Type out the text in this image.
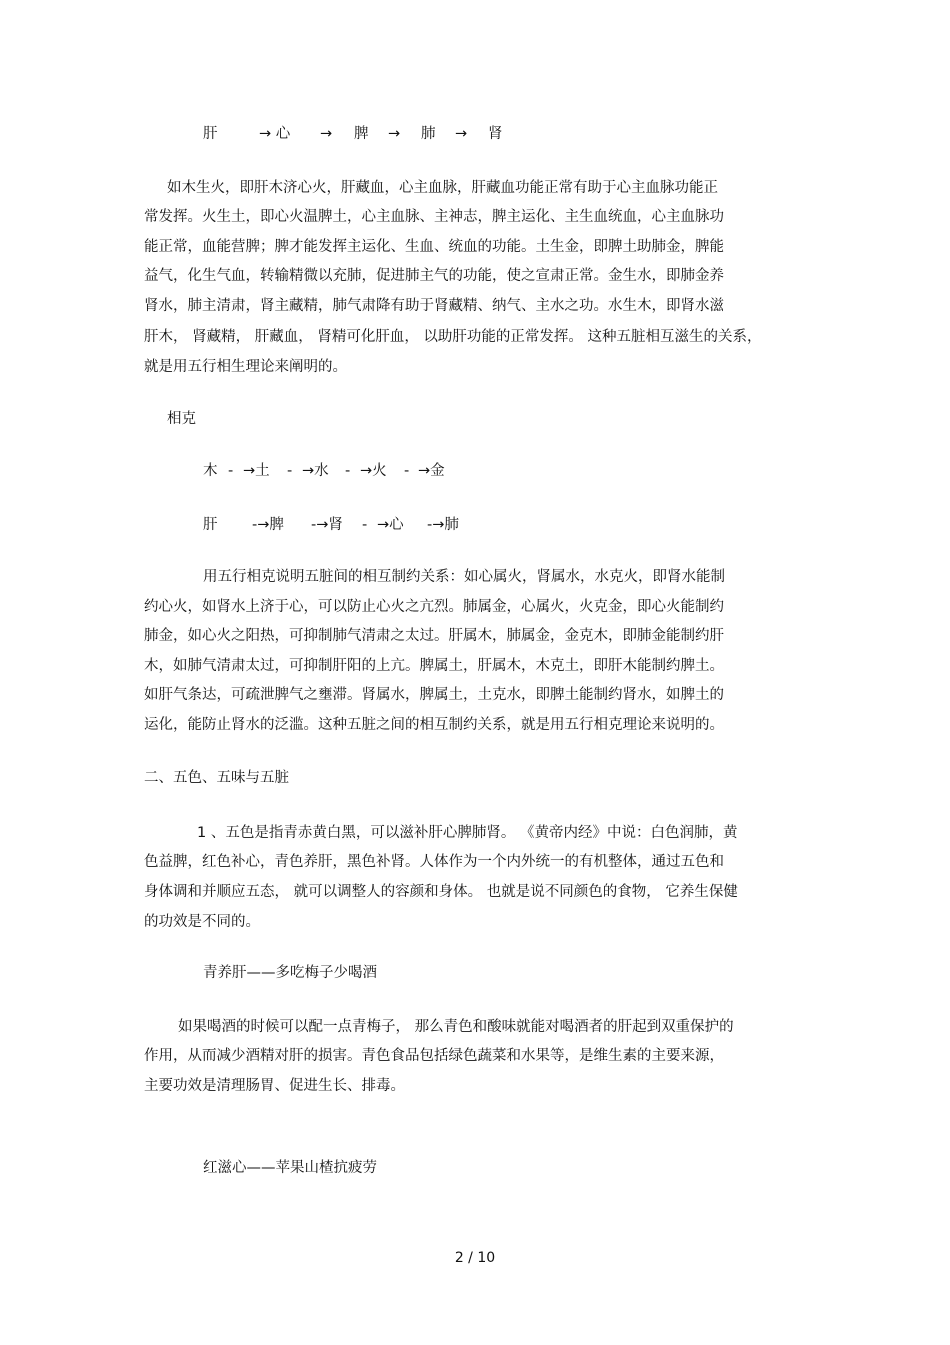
肝	→ 心 → 脾 → 肺 → 肾
如木生火，即肝木济心火，肝藏血，心主血脉，肝藏血功能正常有助于心主血脉功能正
常发挥。火生土，即心火温脾土，心主血脉、主神志，脾主运化、主生血统血，心主血脉功
能正常，血能营脾；脾才能发挥主运化、生血、统血的功能。土生金，即脾土助肺金，脾能
益气，化生气血，转输精微以充肺，促进肺主气的功能，使之宣肃正常。金生水，即肺金养
肾水，肺主清肃，肾主藏精，肺气肃降有助于肾藏精、纳气、主水之功。水生木，即肾水滋
肝木， 肾藏精， 肝藏血， 肾精可化肝血， 以助肝功能的正常发挥。 这种五脏相互滋生的关系，
就是用五行相生理论来阐明的。
相克
木 - →土 - →水 - →火 - →金
肝 -→脾 -→肾 - →心 -→肺
用五行相克说明五脏间的相互制约关系：如心属火，肾属水，水克火，即肾水能制
约心火，如肾水上济于心，可以防止心火之亢烈。肺属金，心属火，火克金，即心火能制约
肺金，如心火之阳热，可抑制肺气清肃之太过。肝属木，肺属金，金克木，即肺金能制约肝
木，如肺气清肃太过，可抑制肝阳的上亢。脾属土，肝属木，木克土，即肝木能制约脾土。
如肝气条达，可疏泄脾气之壅滞。肾属水，脾属土，土克水，即脾土能制约肾水，如脾土的
运化，能防止肾水的泛滥。这种五脏之间的相互制约关系，就是用五行相克理论来说明的。
二、五色、五味与五脏
1 、五色是指青赤黄白黑，可以滋补肝心脾肺肾。 《黄帝内经》中说：白色润肺，黄
色益脾，红色补心，青色养肝，黑色补肾。人体作为一个内外统一的有机整体，通过五色和
身体调和并顺应五态， 就可以调整人的容颜和身体。 也就是说不同颜色的食物， 它养生保健
的功效是不同的。
青养肝——多吃梅子少喝酒
如果喝酒的时候可以配一点青梅子， 那么青色和酸味就能对喝酒者的肝起到双重保护的
作用，从而减少酒精对肝的损害。青色食品包括绿色蔬菜和水果等，是维生素的主要来源，
主要功效是清理肠胃、促进生长、排毒。
红滋心——苹果山楂抗疲劳
2 / 10
